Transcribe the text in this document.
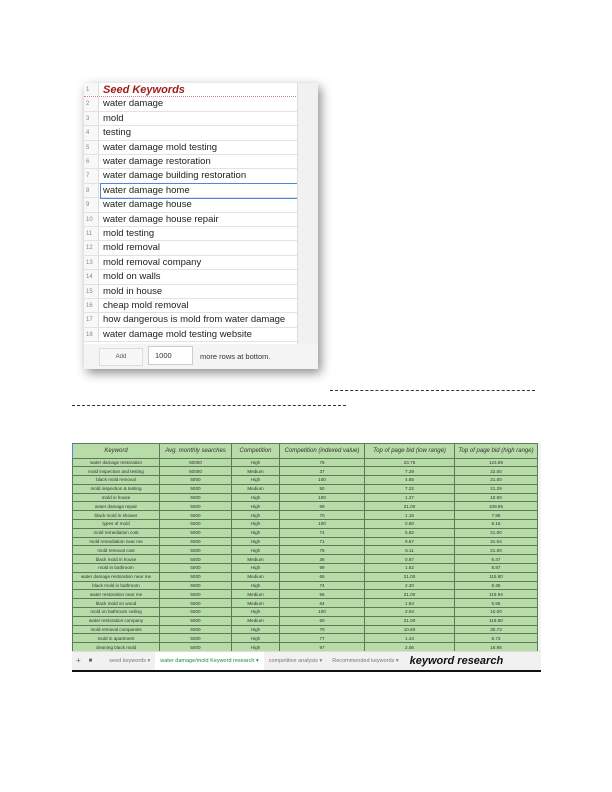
1	Seed Keywords
2	water damage
3	mold
4	testing
5	water damage mold testing
6	water damage restoration
7	water damage building restoration
8	water damage home
9	water damage house
10	water damage house repair
11	mold testing
12	mold removal
13	mold removal company
14	mold on walls
15	mold in house
16	cheap mold removal
17	how dangerous is mold from water damage
18	water damage mold testing website
Add	1000	more rows at bottom.
Keyword	Avg. monthly searches	Competition	Competition (indexed value)	Top of page bid (low range)	Top of page bid (high range)
water damage restoration	50000	High	76	23.76	124.85
mold inspection and testing	50000	Medium	37	7.29	22.00
black mold removal	5000	High	100	4.65	21.00
mold inspection & testing	5000	Medium	50	7.32	21.29
mold in house	5000	High	100	1.27	10.00
water damage repair	5000	High	69	21.00	109.85
black mold in shower	5000	High	70	1.15	7.88
types of mold	5000	High	100	0.60	6.16
mold remediation cost	5000	High	74	5.82	21.00
mold remediation near me	5000	High	71	9.57	31.04
mold removal cost	5000	High	76	5.11	21.00
black mold in house	5000	Medium	36	0.87	6.47
mold in bathroom	5000	High	99	1.62	8.87
water damage restoration near me	5000	Medium	65	21.00	115.80
black mold in bathroom	5000	High	74	2.20	9.35
water restoration near me	5000	Medium	56	21.00	119.94
black mold on wood	5000	Medium	64	1.84	5.55
mold on bathroom ceiling	5000	High	100	2.04	10.00
water restoration company	5000	Medium	60	21.00	119.80
mold removal companies	5000	High	70	10.60	30.73
mold in apartment	5000	High	77	1.44	6.73
cleaning black mold	5000	High	97	2.06	16.95

+	■	seed keywords ▾	water damage/mold Keyword research ▾	competitive analysis ▾	Recommended keywords ▾	keyword research
